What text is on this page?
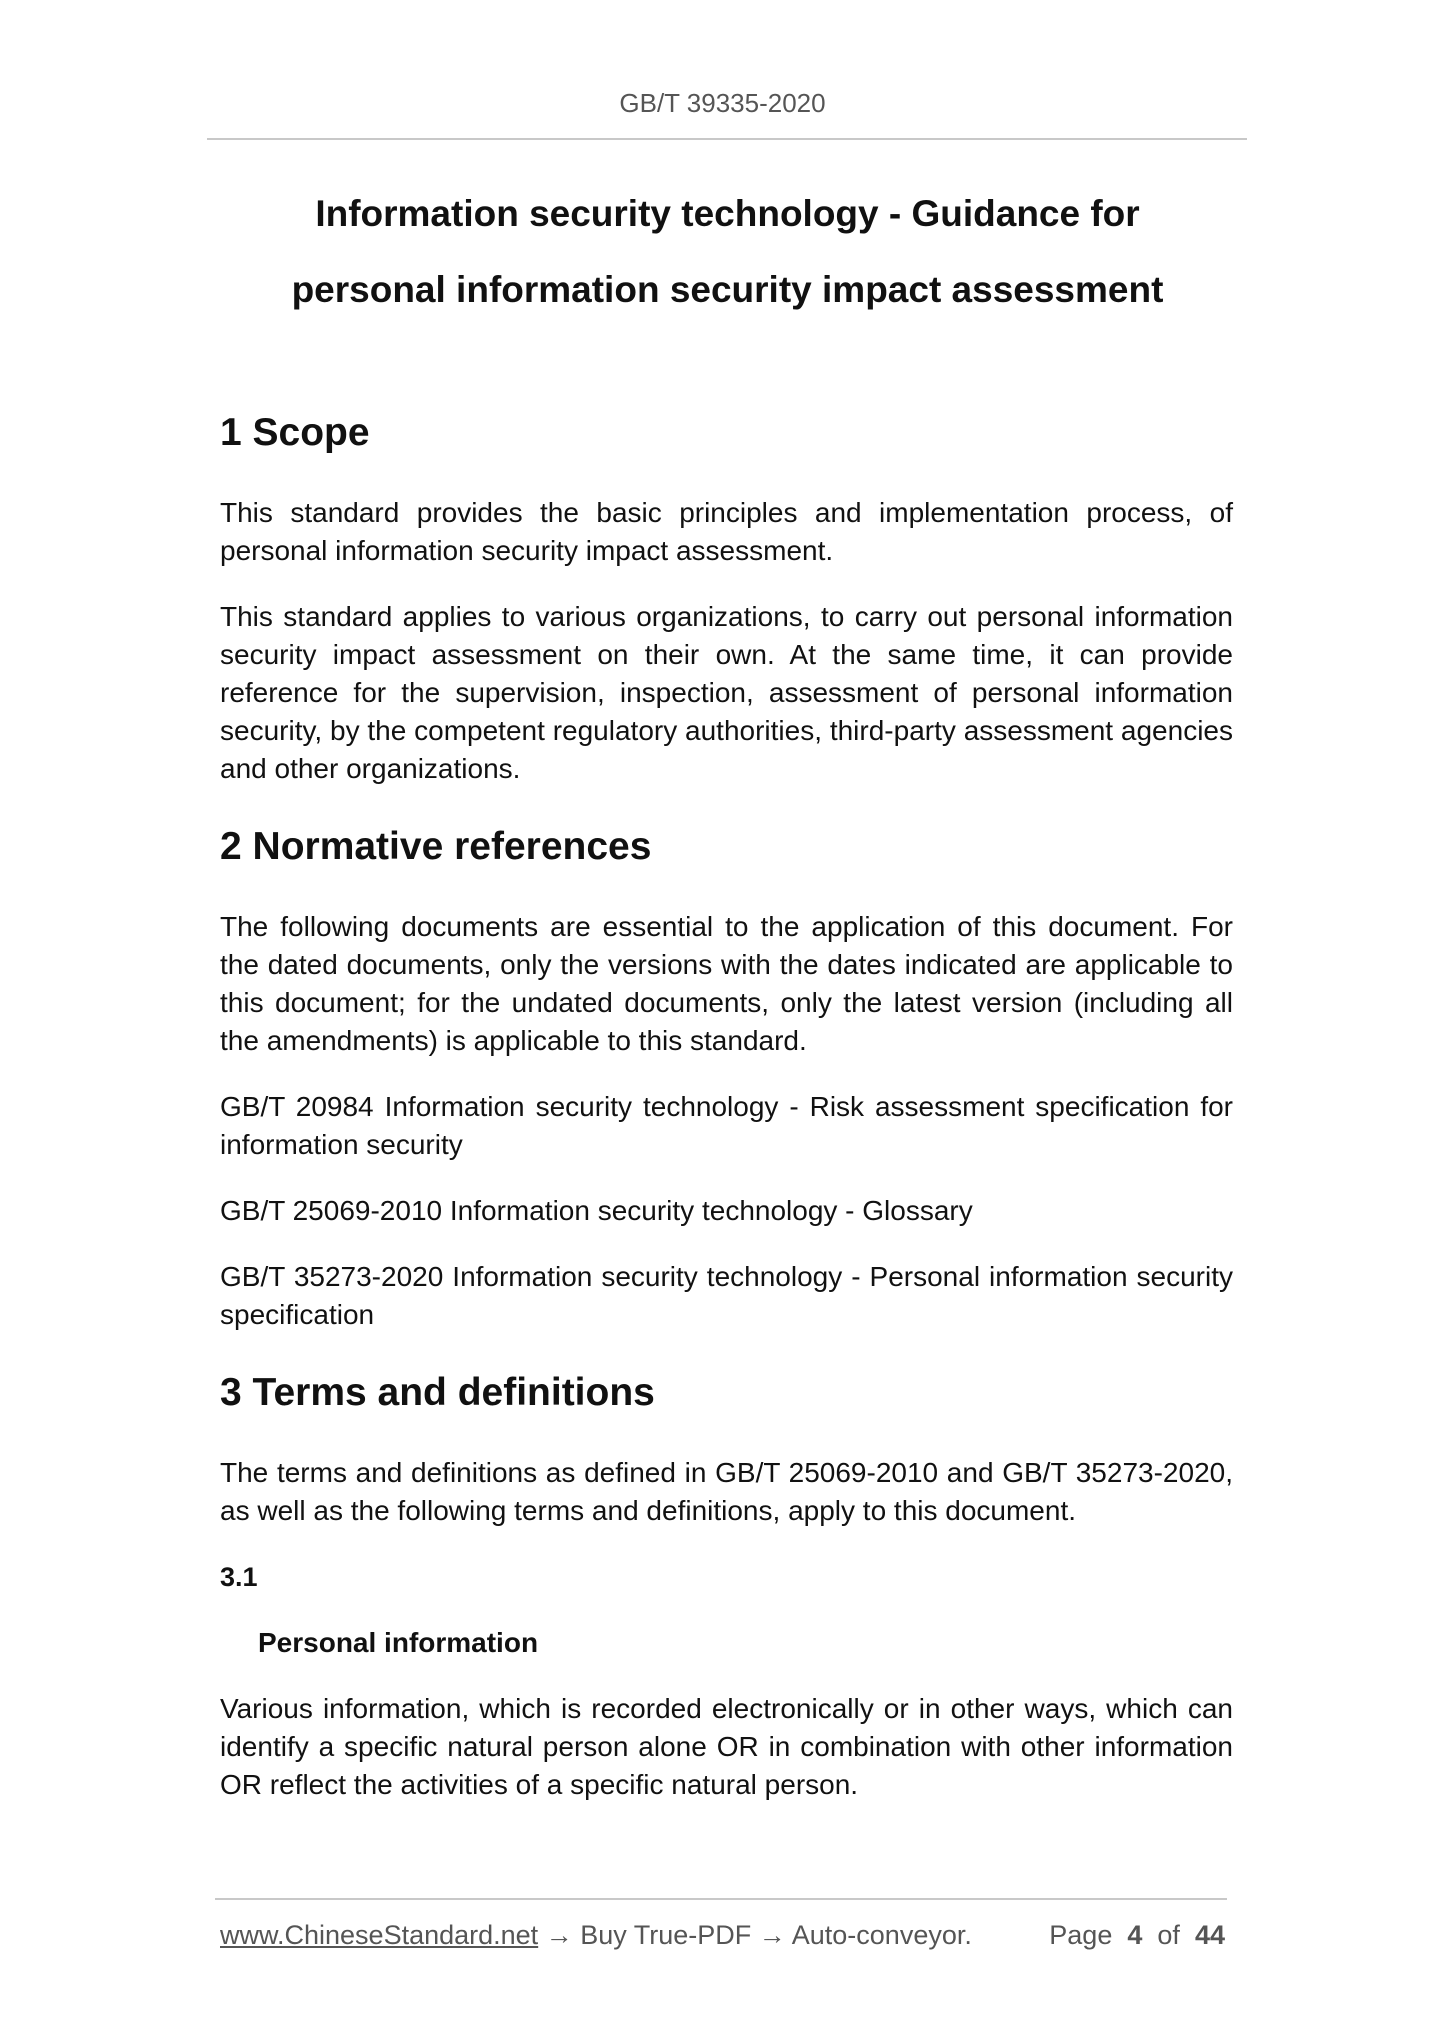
GB/T 39335-2020
Information security technology - Guidance for
personal information security impact assessment
1 Scope

This standard provides the basic principles and implementation process, of personal information security impact assessment.

This standard applies to various organizations, to carry out personal information security impact assessment on their own. At the same time, it can provide reference for the supervision, inspection, assessment of personal information security, by the competent regulatory authorities, third-party assessment agencies and other organizations.

2 Normative references

The following documents are essential to the application of this document. For the dated documents, only the versions with the dates indicated are applicable to this document; for the undated documents, only the latest version (including all the amendments) is applicable to this standard.

GB/T 20984 Information security technology - Risk assessment specification for information security

GB/T 25069-2010 Information security technology - Glossary

GB/T 35273-2020 Information security technology - Personal information security specification

3 Terms and definitions

The terms and definitions as defined in GB/T 25069-2010 and GB/T 35273-2020, as well as the following terms and definitions, apply to this document.

3.1
Personal information

Various information, which is recorded electronically or in other ways, which can identify a specific natural person alone OR in combination with other information OR reflect the activities of a specific natural person.

www.ChineseStandard.net → Buy True-PDF → Auto-conveyor.	Page 4 of 44
